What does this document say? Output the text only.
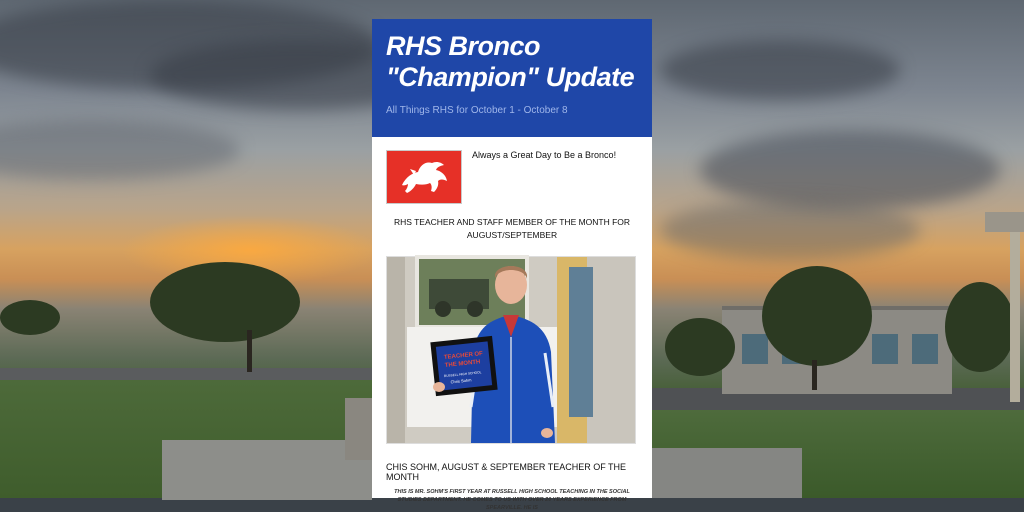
RHS Bronco
"Champion" Update
All Things RHS for October 1 - October 8
Always a Great Day to Be a Bronco!
RHS TEACHER AND STAFF MEMBER OF THE MONTH FOR
AUGUST/SEPTEMBER
TEACHER OF
THE MONTH
RUSSELL HIGH SCHOOL
Chris Sohm
CHIS SOHM, AUGUST & SEPTEMBER TEACHER OF THE MONTH
THIS IS MR. SOHM'S FIRST YEAR AT RUSSELL HIGH SCHOOL TEACHING IN THE SOCIAL STUDIES DEPARTMENT. HE COMES TO US WITH OVER 20 YEARS EXPERIENCE FROM SPEARVILLE. HE IS
